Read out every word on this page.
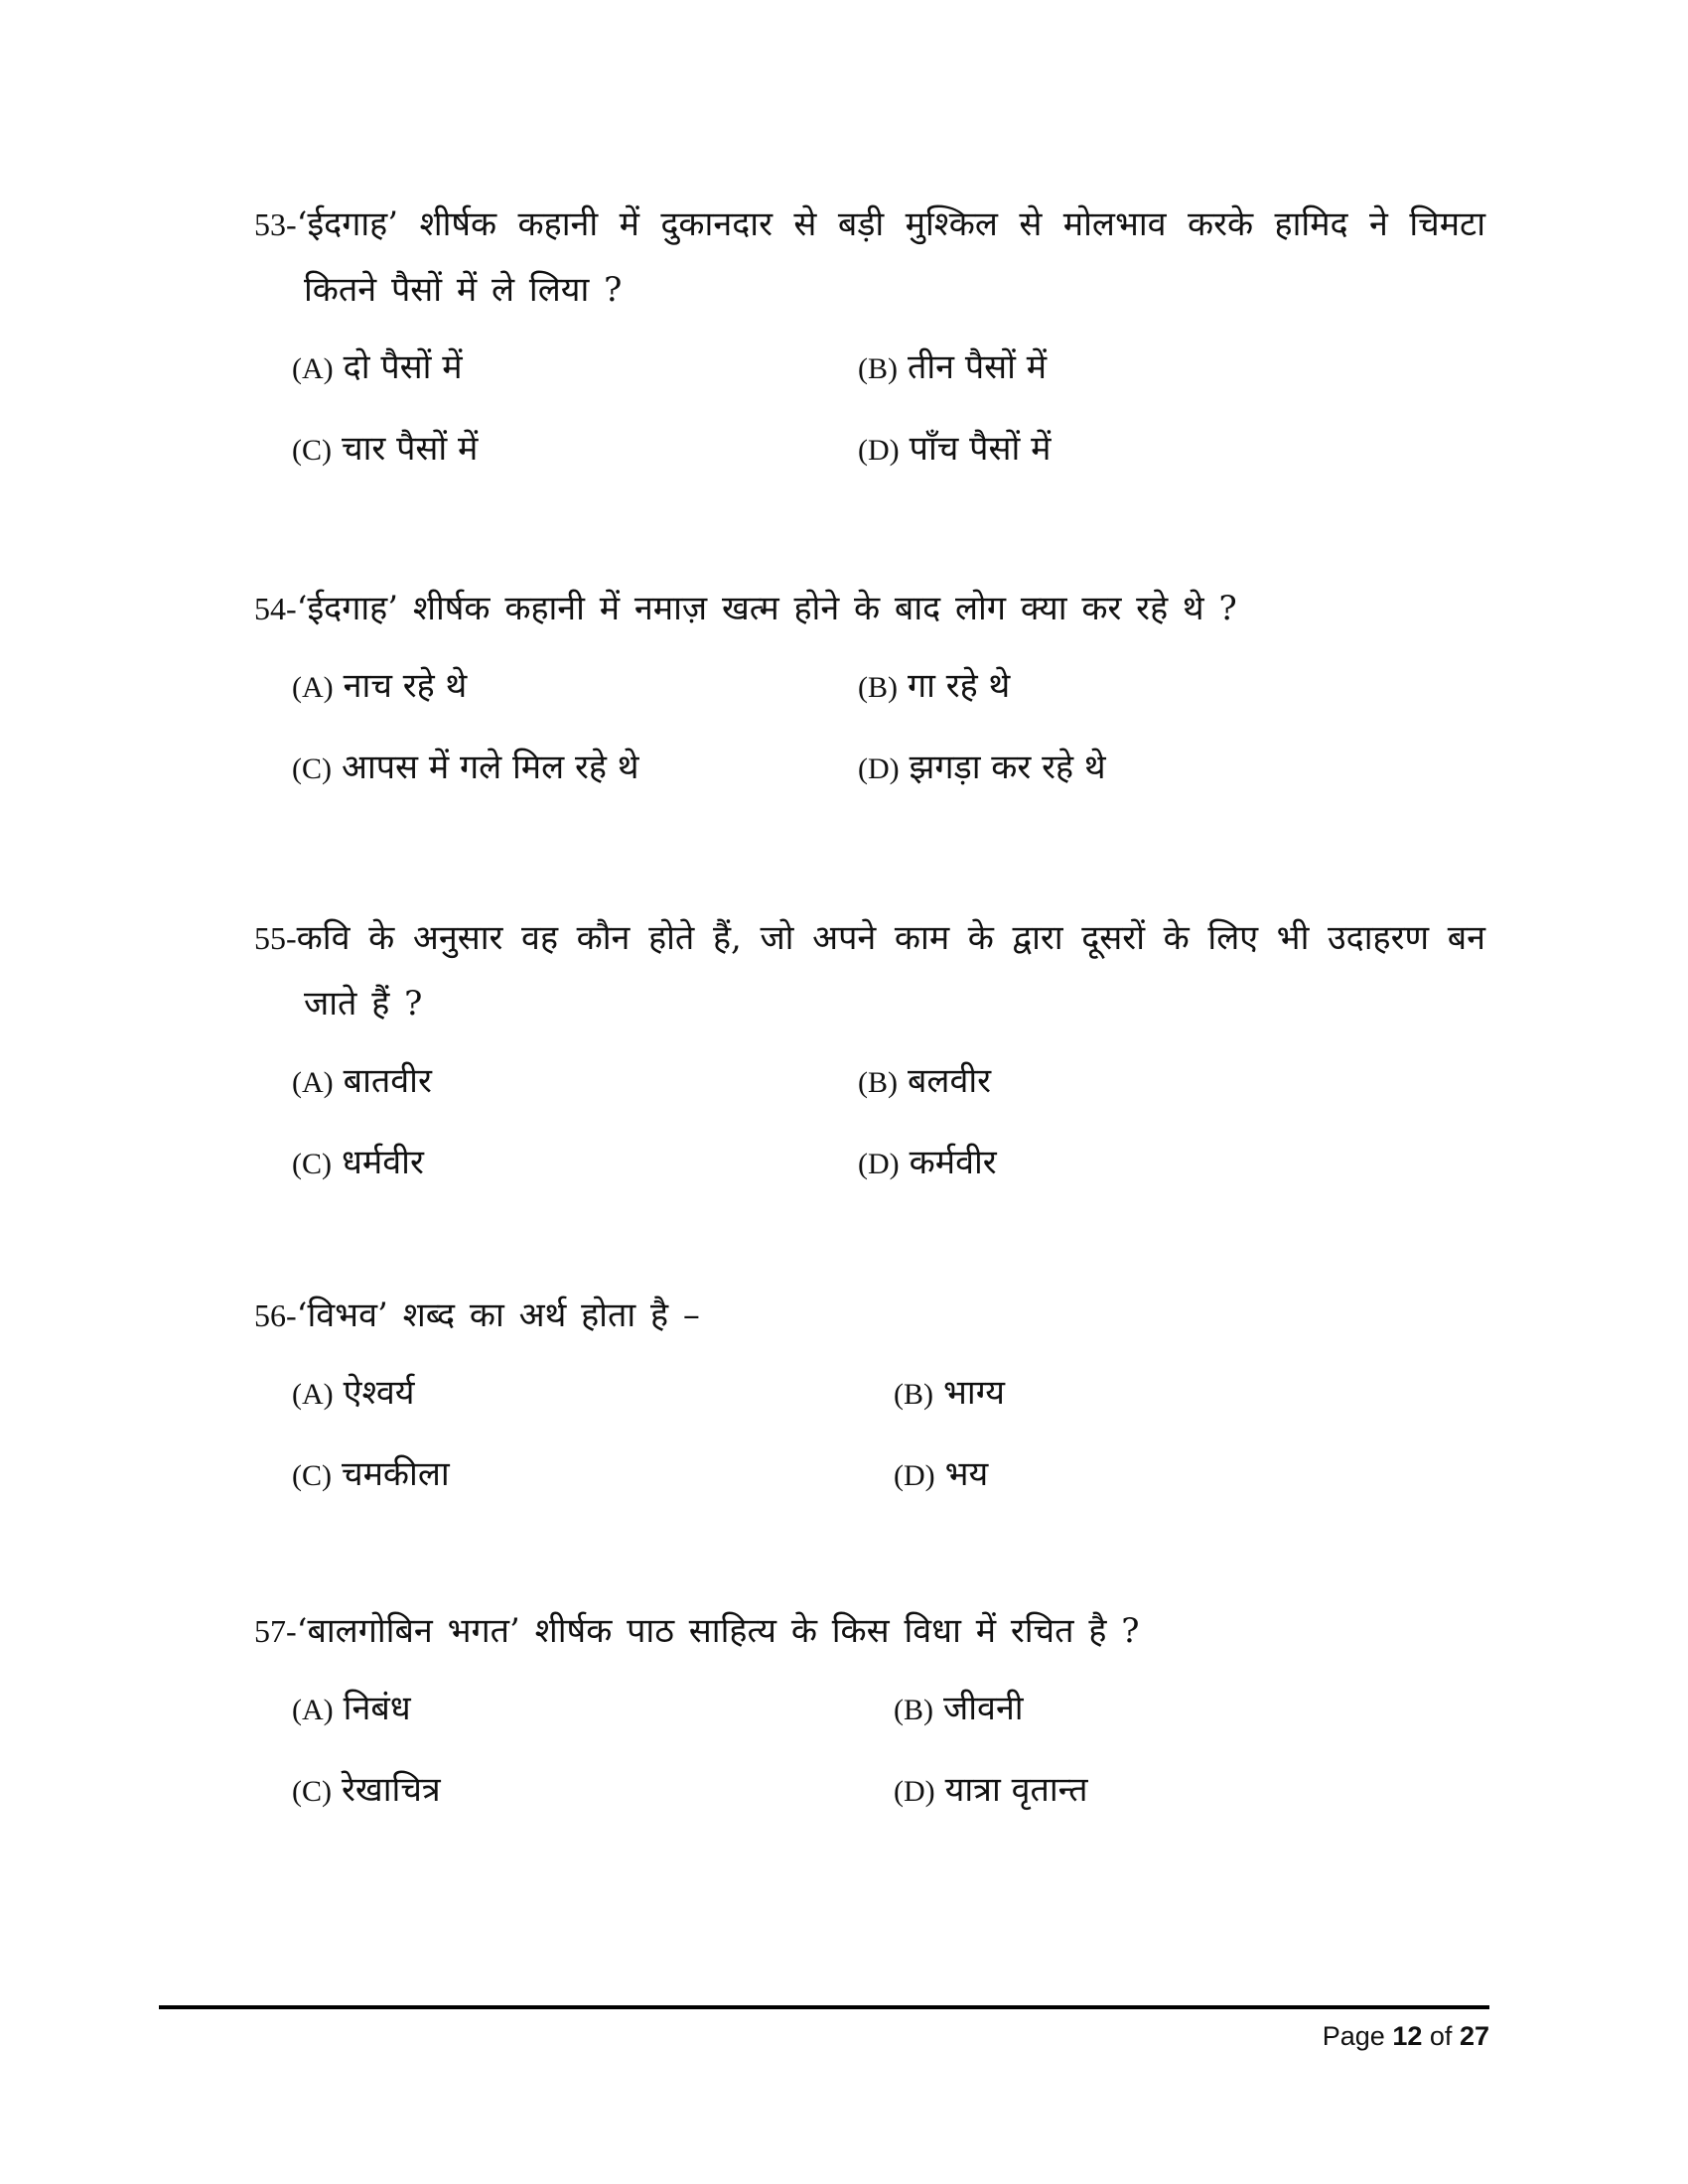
53-‘ईदगाह’ शीर्षक कहानी में दुकानदार से बड़ी मुश्किल से मोलभाव करके हामिद ने चिमटा कितने पैसों में ले लिया ?

(A) दो पैसों में	(B) तीन पैसों में
(C) चार पैसों में	(D) पाँच पैसों में

54-‘ईदगाह’ शीर्षक कहानी में नमाज़ खत्म होने के बाद लोग क्या कर रहे थे ?

(A) नाच रहे थे	(B) गा रहे थे
(C) आपस में गले मिल रहे थे	(D) झगड़ा कर रहे थे

55-कवि के अनुसार वह कौन होते हैं, जो अपने काम के द्वारा दूसरों के लिए भी उदाहरण बन जाते हैं ?

(A) बातवीर	(B) बलवीर
(C) धर्मवीर	(D) कर्मवीर

56-‘विभव’ शब्द का अर्थ होता है –

(A) ऐश्वर्य	(B) भाग्य
(C) चमकीला	(D) भय

57-‘बालगोबिन भगत’ शीर्षक पाठ साहित्य के किस विधा में रचित है ?

(A) निबंध	(B) जीवनी
(C) रेखाचित्र	(D) यात्रा वृतान्त
Page 12 of 27
